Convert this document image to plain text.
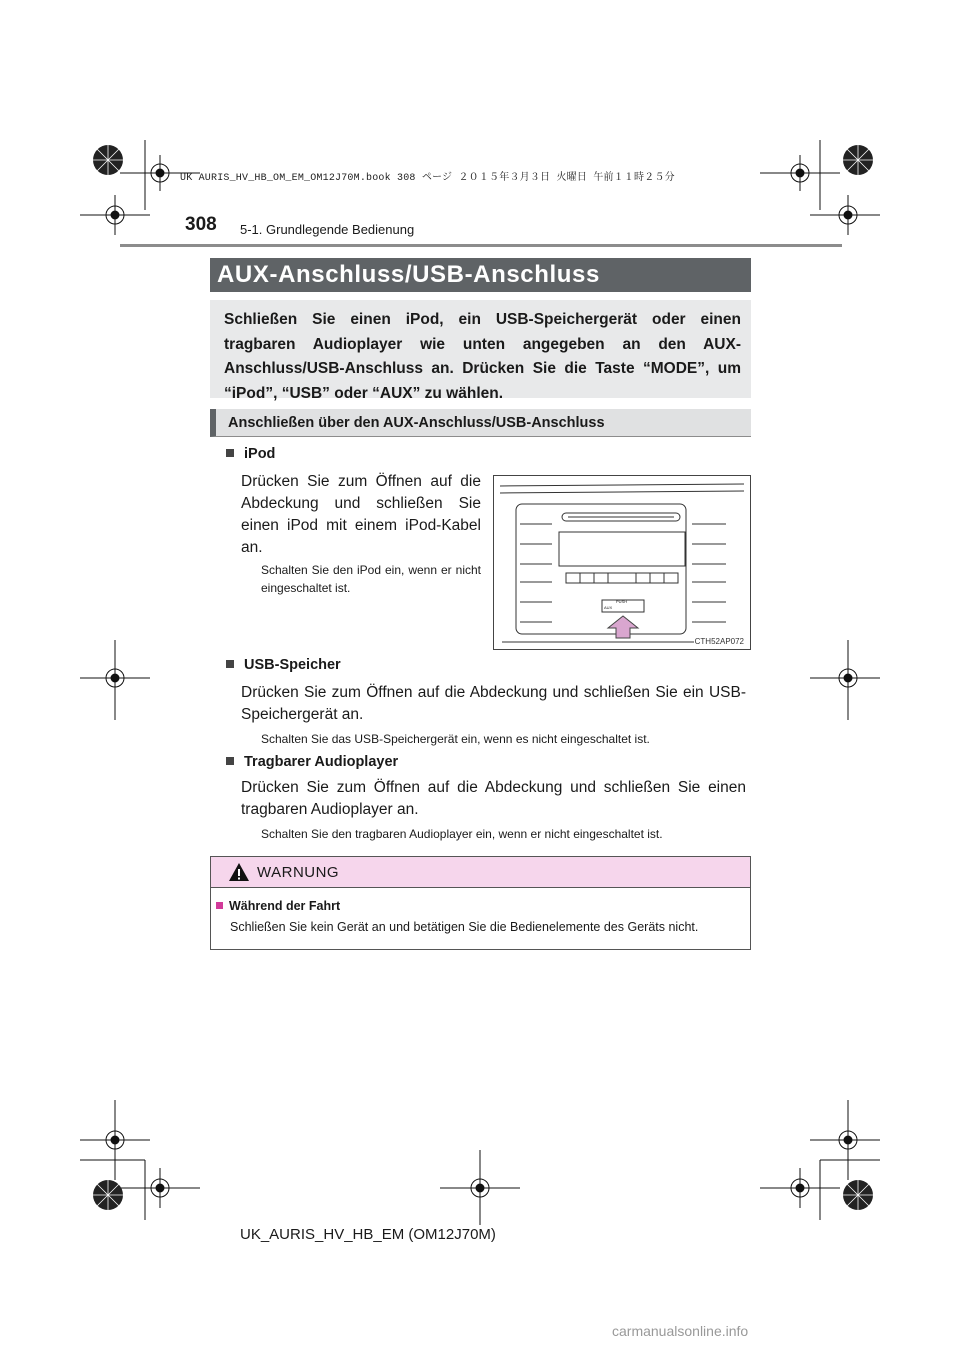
UK AURIS_HV_HB_OM_EM_OM12J70M.book 308 ページ ２０１５年３月３日 火曜日 午前１１時２５分
308 5-1. Grundlegende Bedienung
AUX-Anschluss/USB-Anschluss
Schließen Sie einen iPod, ein USB-Speichergerät oder einen tragbaren Audioplayer wie unten angegeben an den AUX-Anschluss/USB-Anschluss an. Drücken Sie die Taste “MODE”, um “iPod”, “USB” oder “AUX” zu wählen.
Anschließen über den AUX-Anschluss/USB-Anschluss
iPod
Drücken Sie zum Öffnen auf die Abdeckung und schließen Sie einen iPod mit einem iPod-Kabel an.
Schalten Sie den iPod ein, wenn er nicht eingeschaltet ist.
PUSH
AUX
CTH52AP072
USB-Speicher
Drücken Sie zum Öffnen auf die Abdeckung und schließen Sie ein USB-Speichergerät an.
Schalten Sie das USB-Speichergerät ein, wenn es nicht eingeschaltet ist.
Tragbarer Audioplayer
Drücken Sie zum Öffnen auf die Abdeckung und schließen Sie einen tragbaren Audioplayer an.
Schalten Sie den tragbaren Audioplayer ein, wenn er nicht eingeschaltet ist.
WARNUNG
Während der Fahrt
Schließen Sie kein Gerät an und betätigen Sie die Bedienelemente des Geräts nicht.
UK_AURIS_HV_HB_EM (OM12J70M)
carmanualsonline.info
